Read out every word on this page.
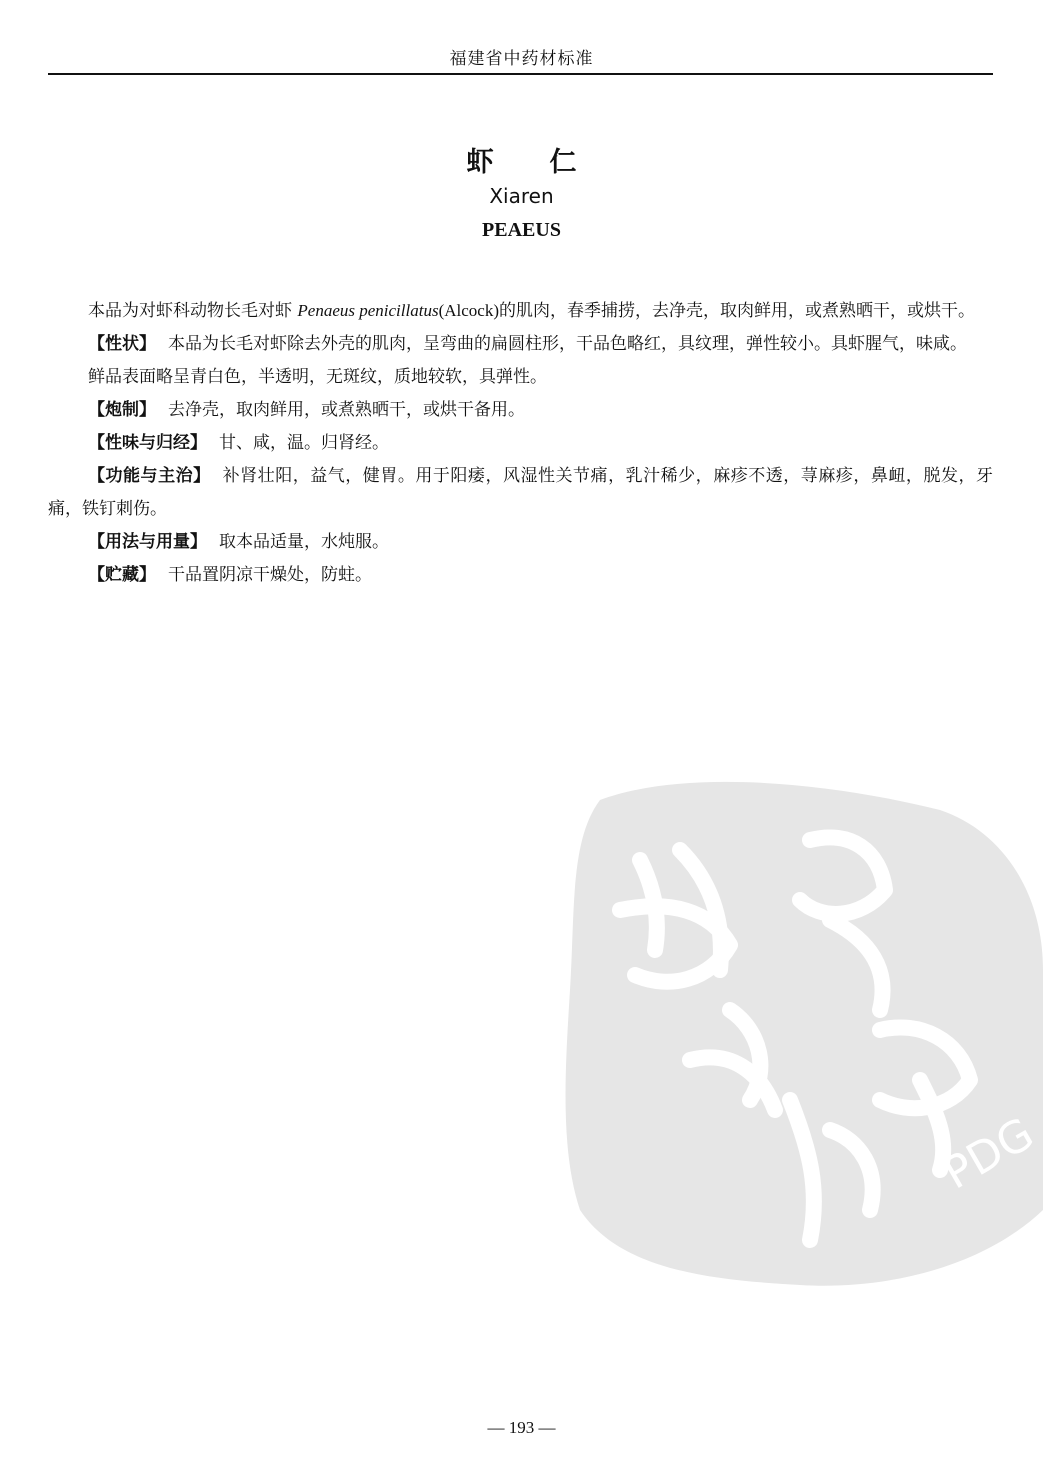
福建省中药材标准
虾仁
Xiaren
PEAEUS

本品为对虾科动物长毛对虾 Penaeus penicillatus(Alcock)的肌肉，春季捕捞，去净壳，取肉鲜用，或煮熟晒干，或烘干。

【性状】 本品为长毛对虾除去外壳的肌肉，呈弯曲的扁圆柱形，干品色略红，具纹理，弹性较小。具虾腥气，味咸。

鲜品表面略呈青白色，半透明，无斑纹，质地较软，具弹性。

【炮制】 去净壳，取肉鲜用，或煮熟晒干，或烘干备用。

【性味与归经】 甘、咸，温。归肾经。

【功能与主治】 补肾壮阳，益气，健胃。用于阳痿，风湿性关节痛，乳汁稀少，麻疹不透，荨麻疹，鼻衄，脱发，牙痛，铁钉刺伤。

【用法与用量】 取本品适量，水炖服。

【贮藏】 干品置阴凉干燥处，防蛀。

PDG
— 193 —
